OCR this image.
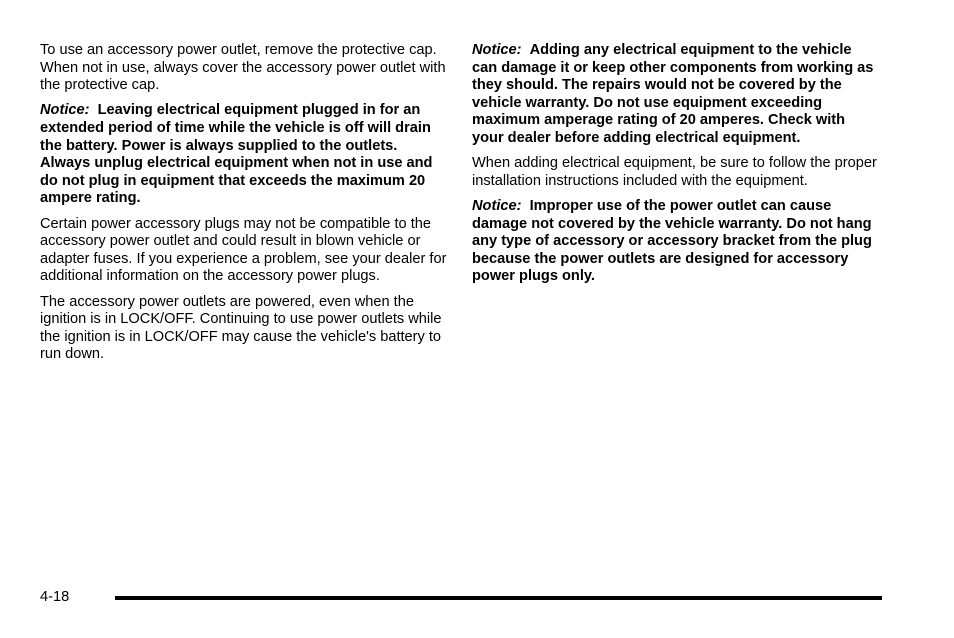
To use an accessory power outlet, remove the protective cap. When not in use, always cover the accessory power outlet with the protective cap.

Notice: Leaving electrical equipment plugged in for an extended period of time while the vehicle is off will drain the battery. Power is always supplied to the outlets. Always unplug electrical equipment when not in use and do not plug in equipment that exceeds the maximum 20 ampere rating.

Certain power accessory plugs may not be compatible to the accessory power outlet and could result in blown vehicle or adapter fuses. If you experience a problem, see your dealer for additional information on the accessory power plugs.

The accessory power outlets are powered, even when the ignition is in LOCK/OFF. Continuing to use power outlets while the ignition is in LOCK/OFF may cause the vehicle's battery to run down.

Notice: Adding any electrical equipment to the vehicle can damage it or keep other components from working as they should. The repairs would not be covered by the vehicle warranty. Do not use equipment exceeding maximum amperage rating of 20 amperes. Check with your dealer before adding electrical equipment.

When adding electrical equipment, be sure to follow the proper installation instructions included with the equipment.

Notice: Improper use of the power outlet can cause damage not covered by the vehicle warranty. Do not hang any type of accessory or accessory bracket from the plug because the power outlets are designed for accessory power plugs only.

4-18
